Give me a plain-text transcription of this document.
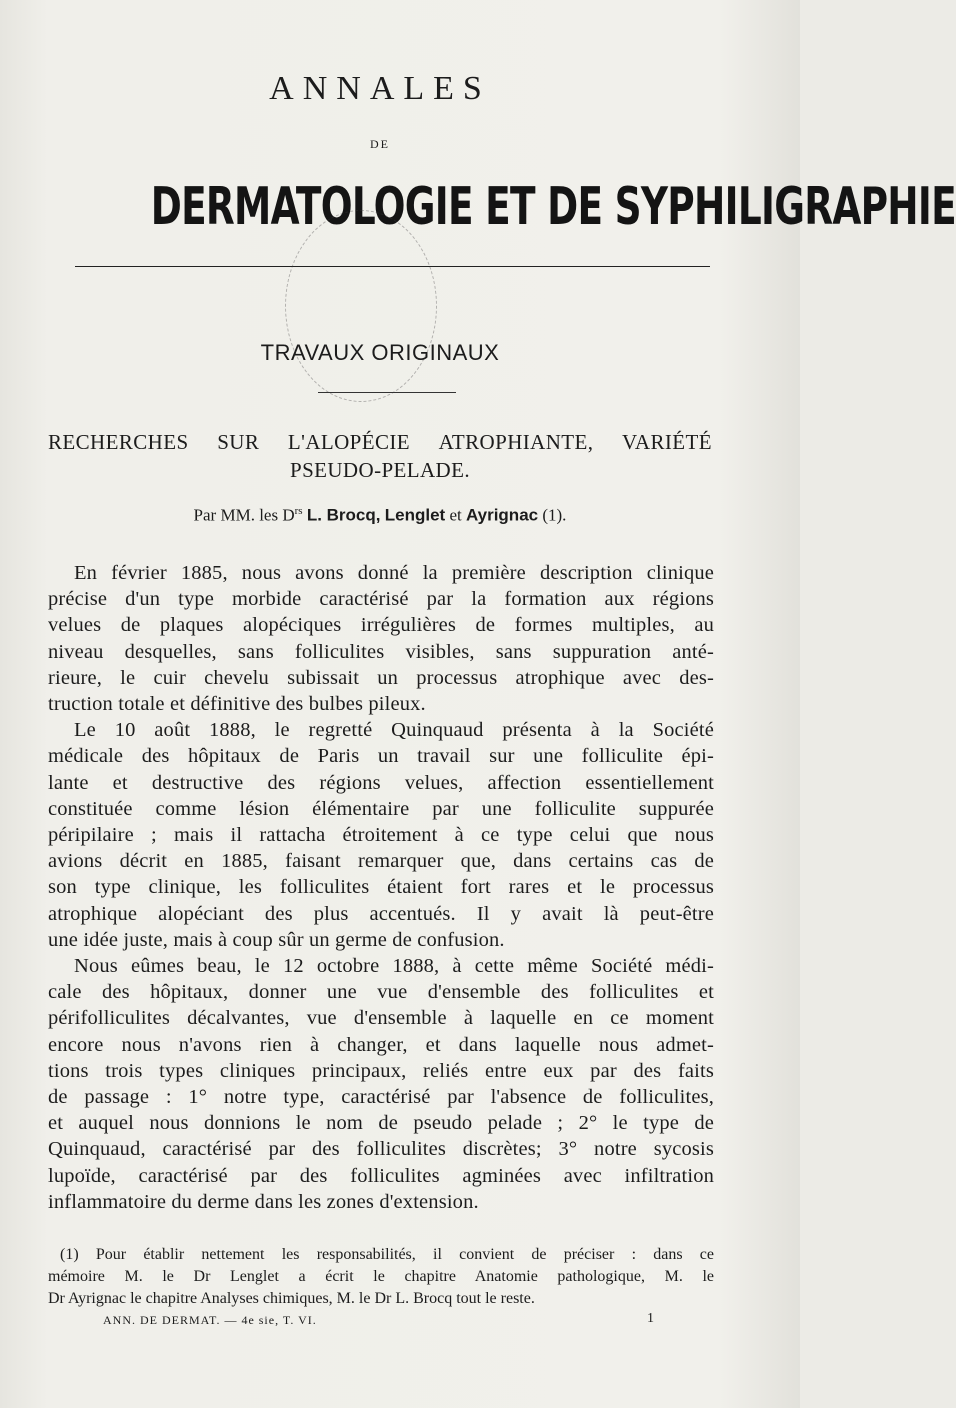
ANNALES
DE
DERMATOLOGIE ET DE SYPHILIGRAPHIE
TRAVAUX ORIGINAUX
RECHERCHES SUR L'ALOPÉCIE ATROPHIANTE, VARIÉTÉ
PSEUDO-PELADE.
Par MM. les $D^{rs}$ L. Brocq, Lenglet et Ayrignac (1).

En février 1885, nous avons donné la première description clinique

précise d'un type morbide caractérisé par la formation aux régions

velues de plaques alopéciques irrégulières de formes multiples, au

niveau desquelles, sans folliculites visibles, sans suppuration anté-

rieure, le cuir chevelu subissait un processus atrophique avec des-

truction totale et définitive des bulbes pileux.

Le 10 août 1888, le regretté Quinquaud présenta à la Société

médicale des hôpitaux de Paris un travail sur une folliculite épi-

lante et destructive des régions velues, affection essentiellement

constituée comme lésion élémentaire par une folliculite suppurée

péripilaire ; mais il rattacha étroitement à ce type celui que nous

avions décrit en 1885, faisant remarquer que, dans certains cas de

son type clinique, les folliculites étaient fort rares et le processus

atrophique alopéciant des plus accentués. Il y avait là peut-être

une idée juste, mais à coup sûr un germe de confusion.

Nous eûmes beau, le 12 octobre 1888, à cette même Société médi-

cale des hôpitaux, donner une vue d'ensemble des folliculites et

périfolliculites décalvantes, vue d'ensemble à laquelle en ce moment

encore nous n'avons rien à changer, et dans laquelle nous admet-

tions trois types cliniques principaux, reliés entre eux par des faits

de passage : 1° notre type, caractérisé par l'absence de folliculites,

et auquel nous donnions le nom de pseudo pelade ; 2° le type de

Quinquaud, caractérisé par des folliculites discrètes; 3° notre sycosis

lupoïde, caractérisé par des folliculites agminées avec infiltration

inflammatoire du derme dans les zones d'extension.

(1) Pour établir nettement les responsabilités, il convient de préciser : dans ce
mémoire M. le Dr Lenglet a écrit le chapitre Anatomie pathologique, M. le
Dr Ayrignac le chapitre Analyses chimiques, M. le Dr L. Brocq tout le reste.
ANN. DE DERMAT. — 4e sie, T. VI.	1
